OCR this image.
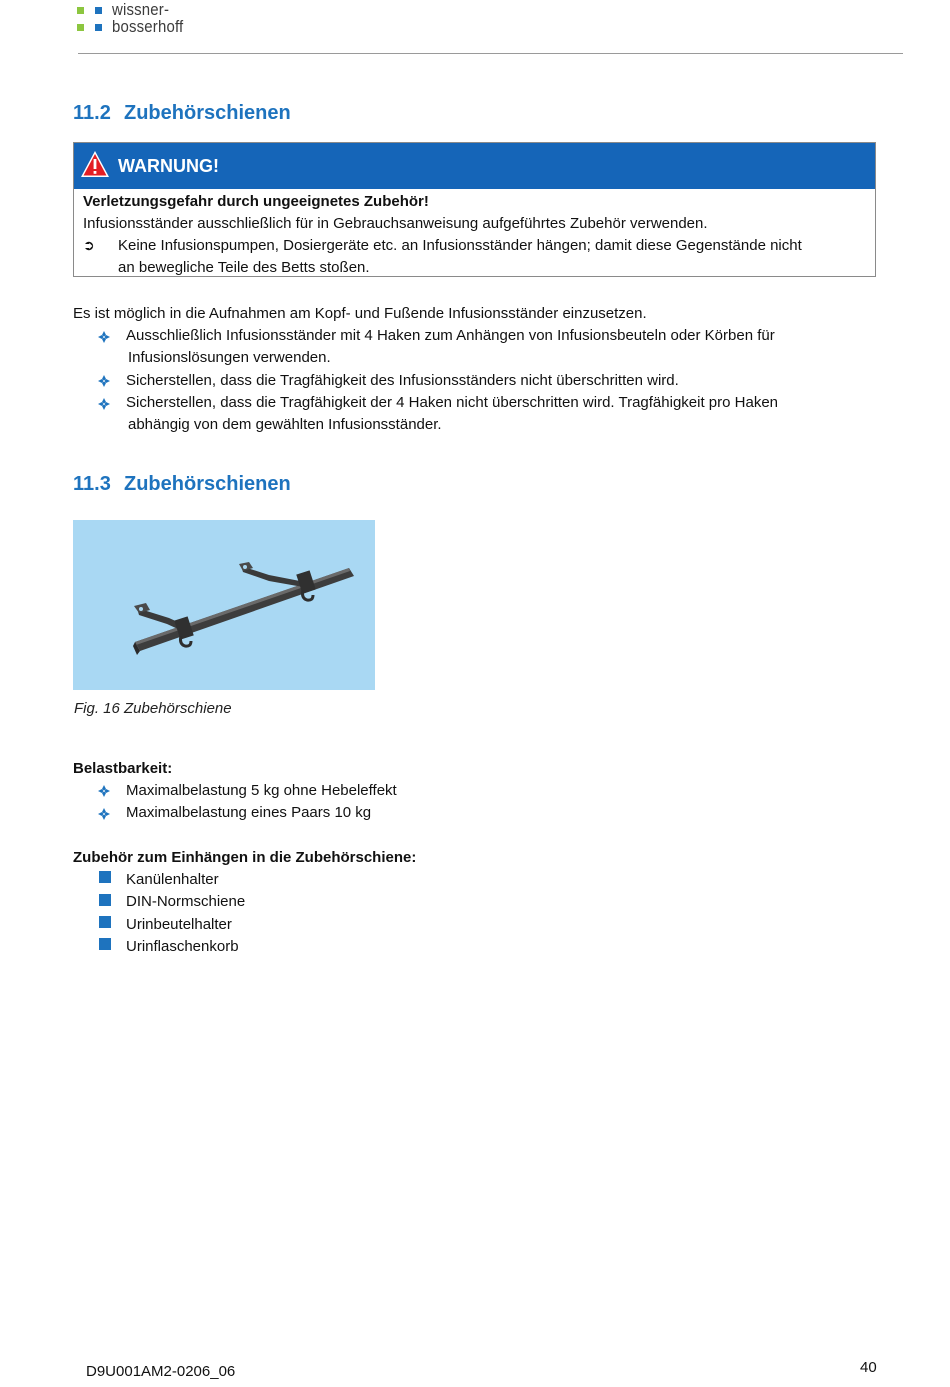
wissner-
bosserhoff
11.2 Zubehörschienen
WARNUNG!
Verletzungsgefahr durch ungeeignetes Zubehör!
Infusionsständer ausschließlich für in Gebrauchsanweisung aufgeführtes Zubehör verwenden.
➲ Keine Infusionspumpen, Dosiergeräte etc. an Infusionsständer hängen; damit diese Gegenstände nicht
an bewegliche Teile des Betts stoßen.
Es ist möglich in die Aufnahmen am Kopf- und Fußende Infusionsständer einzusetzen.
Ausschließlich Infusionsständer mit 4 Haken zum Anhängen von Infusionsbeuteln oder Körben für
Infusionslösungen verwenden.
Sicherstellen, dass die Tragfähigkeit des Infusionsständers nicht überschritten wird.
Sicherstellen, dass die Tragfähigkeit der 4 Haken nicht überschritten wird. Tragfähigkeit pro Haken
abhängig von dem gewählten Infusionsständer.
11.3 Zubehörschienen
Fig. 16 Zubehörschiene
Belastbarkeit:
Maximalbelastung 5 kg ohne Hebeleffekt
Maximalbelastung eines Paars 10 kg
Zubehör zum Einhängen in die Zubehörschiene:
Kanülenhalter
DIN-Normschiene
Urinbeutelhalter
Urinflaschenkorb
D9U001AM2-0206_06	40
